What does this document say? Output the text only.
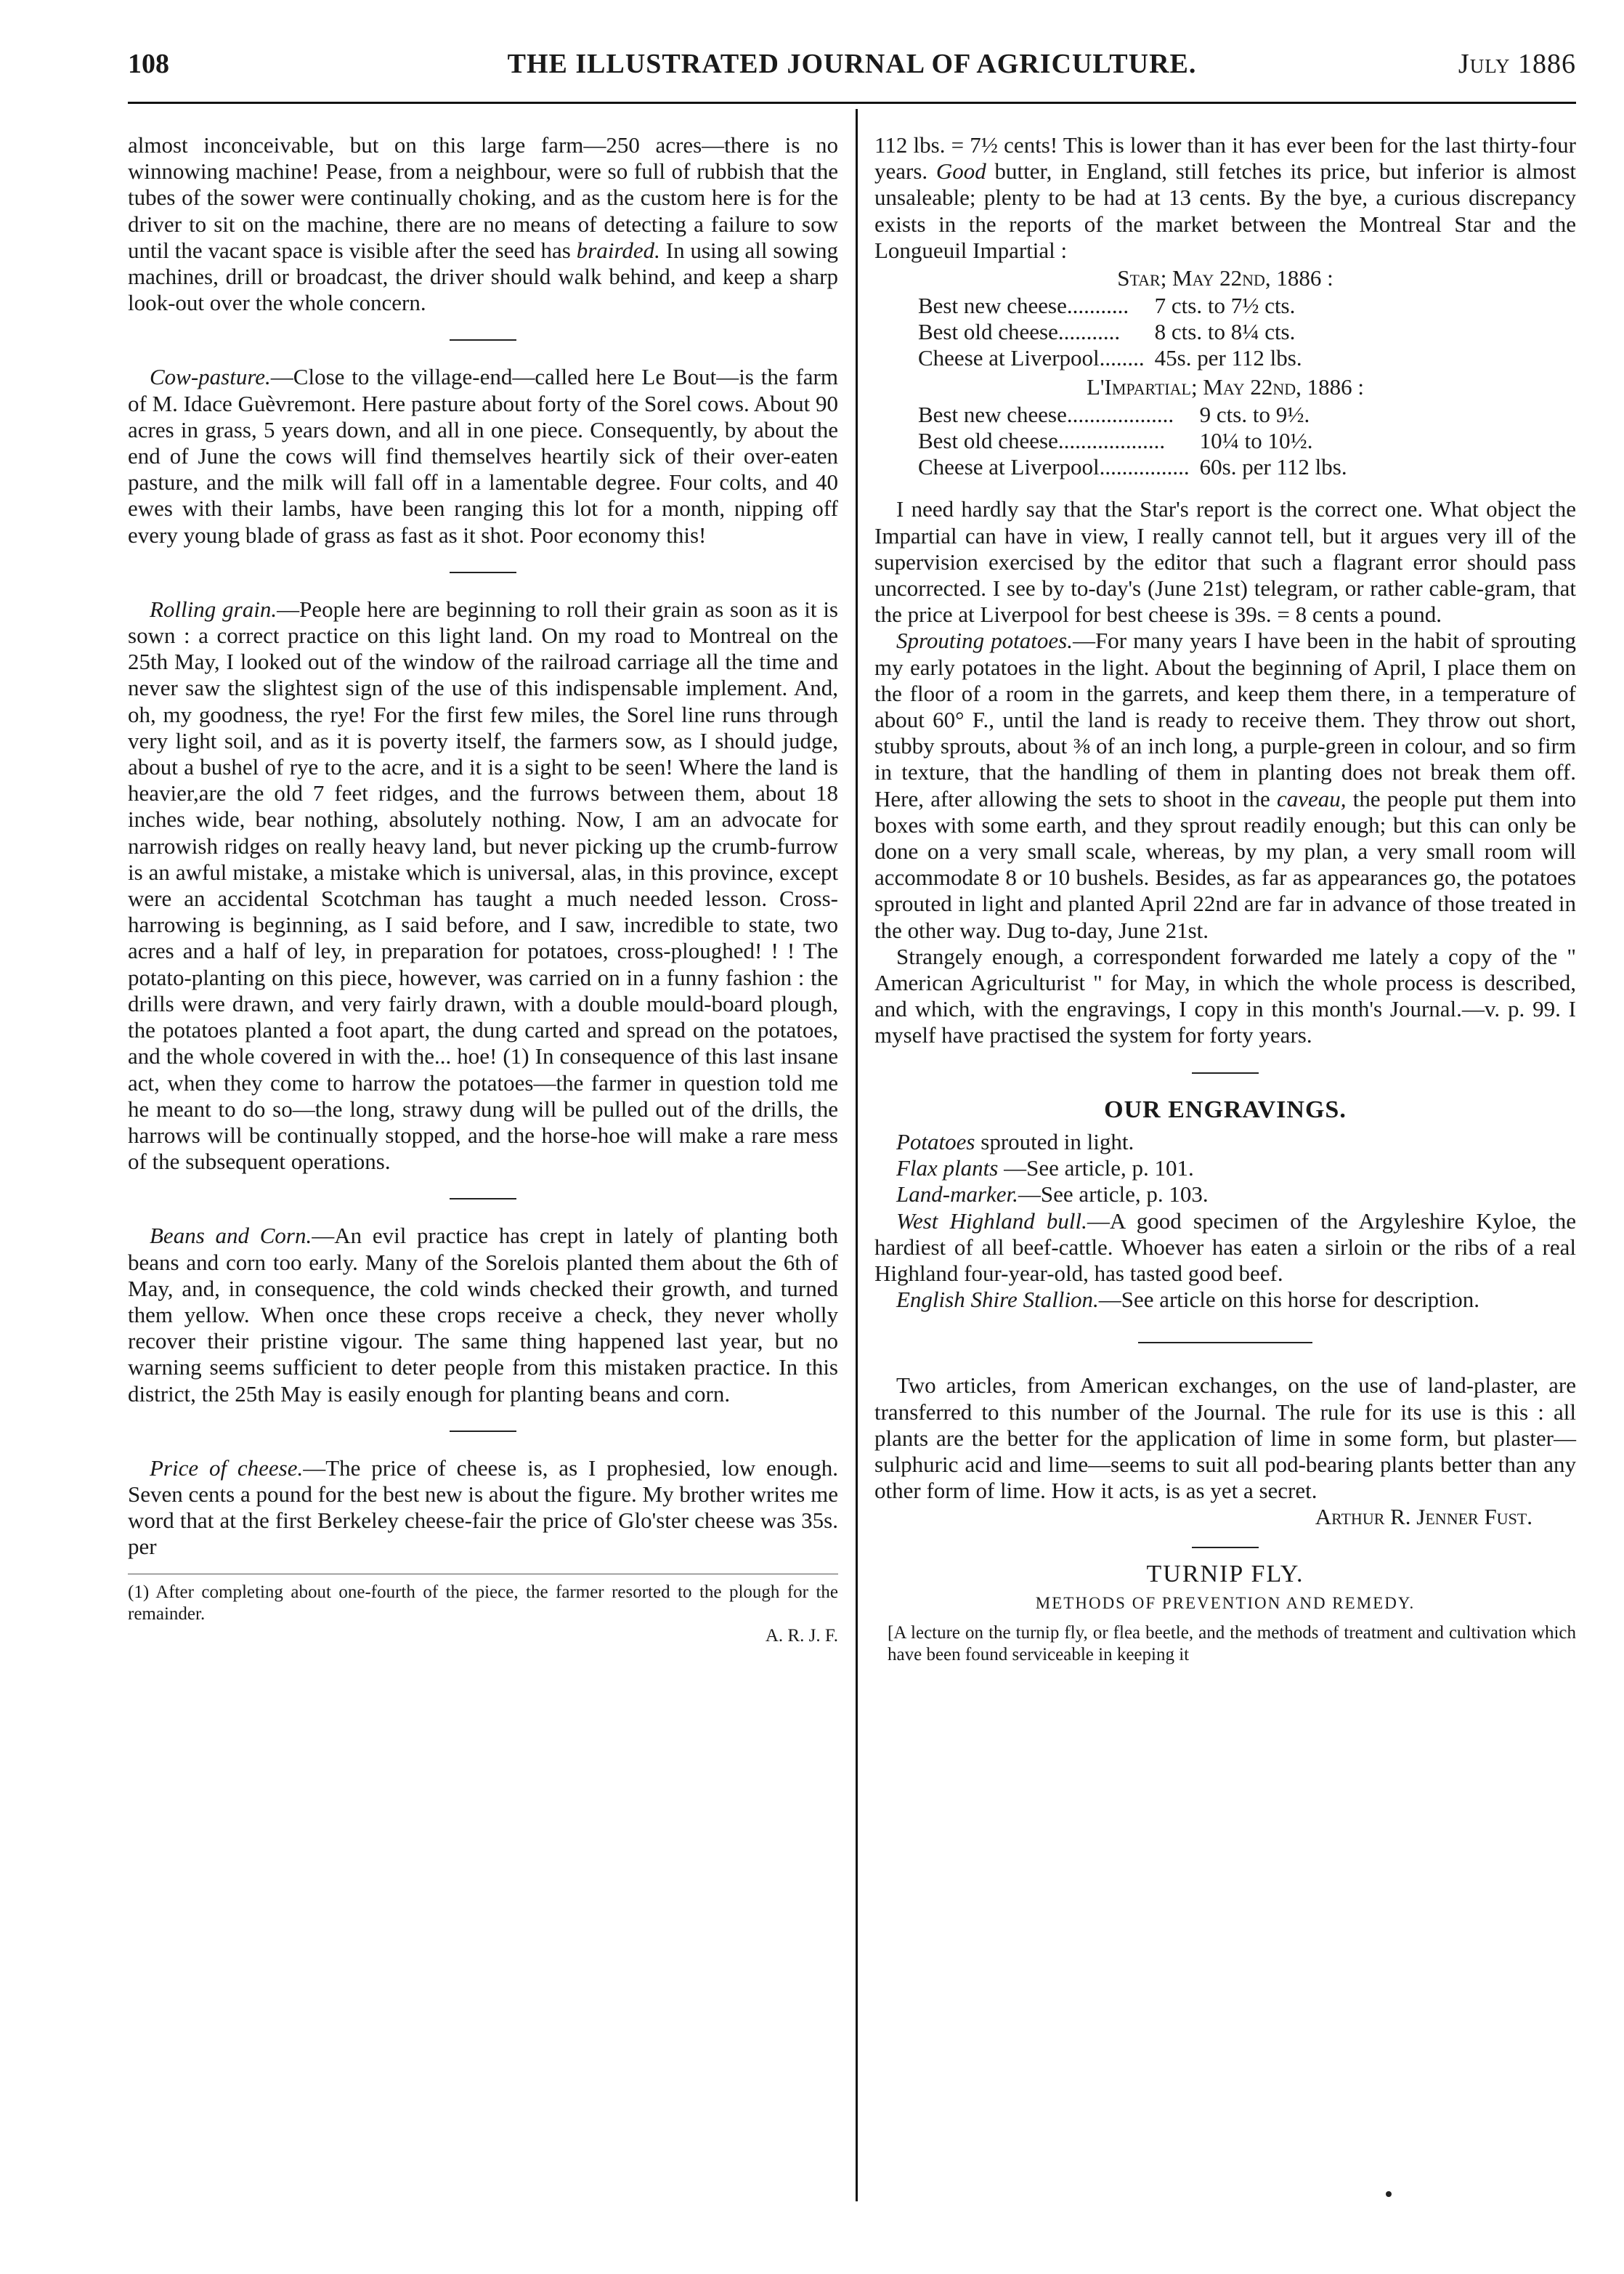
108	THE ILLUSTRATED JOURNAL OF AGRICULTURE.	July 1886

almost inconceivable, but on this large farm—250 acres—there is no winnowing machine! Pease, from a neighbour, were so full of rubbish that the tubes of the sower were continually choking, and as the custom here is for the driver to sit on the machine, there are no means of detecting a failure to sow until the vacant space is visible after the seed has brairded. In using all sowing machines, drill or broadcast, the driver should walk behind, and keep a sharp look-out over the whole concern.

Cow-pasture.—Close to the village-end—called here Le Bout—is the farm of M. Idace Guèvremont. Here pasture about forty of the Sorel cows. About 90 acres in grass, 5 years down, and all in one piece. Consequently, by about the end of June the cows will find themselves heartily sick of their over-eaten pasture, and the milk will fall off in a lamentable degree. Four colts, and 40 ewes with their lambs, have been ranging this lot for a month, nipping off every young blade of grass as fast as it shot. Poor economy this!

Rolling grain.—People here are beginning to roll their grain as soon as it is sown : a correct practice on this light land. On my road to Montreal on the 25th May, I looked out of the window of the railroad carriage all the time and never saw the slightest sign of the use of this indispensable implement. And, oh, my goodness, the rye! For the first few miles, the Sorel line runs through very light soil, and as it is poverty itself, the farmers sow, as I should judge, about a bushel of rye to the acre, and it is a sight to be seen! Where the land is heavier,are the old 7 feet ridges, and the furrows between them, about 18 inches wide, bear nothing, absolutely nothing. Now, I am an advocate for narrowish ridges on really heavy land, but never picking up the crumb-furrow is an awful mistake, a mistake which is universal, alas, in this province, except were an accidental Scotchman has taught a much needed lesson. Cross-harrowing is beginning, as I said before, and I saw, incredible to state, two acres and a half of ley, in preparation for potatoes, cross-ploughed! ! ! The potato-planting on this piece, however, was carried on in a funny fashion : the drills were drawn, and very fairly drawn, with a double mould-board plough, the potatoes planted a foot apart, the dung carted and spread on the potatoes, and the whole covered in with the... hoe! (1) In consequence of this last insane act, when they come to harrow the potatoes—the farmer in question told me he meant to do so—the long, strawy dung will be pulled out of the drills, the harrows will be continually stopped, and the horse-hoe will make a rare mess of the subsequent operations.

Beans and Corn.—An evil practice has crept in lately of planting both beans and corn too early. Many of the Sorelois planted them about the 6th of May, and, in consequence, the cold winds checked their growth, and turned them yellow. When once these crops receive a check, they never wholly recover their pristine vigour. The same thing happened last year, but no warning seems sufficient to deter people from this mistaken practice. In this district, the 25th May is easily enough for planting beans and corn.

Price of cheese.—The price of cheese is, as I prophesied, low enough. Seven cents a pound for the best new is about the figure. My brother writes me word that at the first Berkeley cheese-fair the price of Glo'ster cheese was 35s. per

(1) After completing about one-fourth of the piece, the farmer resorted to the plough for the remainder.
A. R. J. F.

112 lbs. = 7½ cents! This is lower than it has ever been for the last thirty-four years. Good butter, in England, still fetches its price, but inferior is almost unsaleable; plenty to be had at 13 cents. By the bye, a curious discrepancy exists in the reports of the market between the Montreal Star and the Longueuil Impartial :

Star; May 22nd, 1886 :
Best new cheese...........	7 cts. to 7½ cts.
Best old cheese...........	8 cts. to 8¼ cts.
Cheese at Liverpool........	45s. per 112 lbs.
L'Impartial; May 22nd, 1886 :
Best new cheese...................	9 cts. to 9½.
Best old cheese...................	10¼ to 10½.
Cheese at Liverpool................	60s. per 112 lbs.

I need hardly say that the Star's report is the correct one. What object the Impartial can have in view, I really cannot tell, but it argues very ill of the supervision exercised by the editor that such a flagrant error should pass uncorrected. I see by to-day's (June 21st) telegram, or rather cable-gram, that the price at Liverpool for best cheese is 39s. = 8 cents a pound.

Sprouting potatoes.—For many years I have been in the habit of sprouting my early potatoes in the light. About the beginning of April, I place them on the floor of a room in the garrets, and keep them there, in a temperature of about 60° F., until the land is ready to receive them. They throw out short, stubby sprouts, about ⅜ of an inch long, a purple-green in colour, and so firm in texture, that the handling of them in planting does not break them off. Here, after allowing the sets to shoot in the caveau, the people put them into boxes with some earth, and they sprout readily enough; but this can only be done on a very small scale, whereas, by my plan, a very small room will accommodate 8 or 10 bushels. Besides, as far as appearances go, the potatoes sprouted in light and planted April 22nd are far in advance of those treated in the other way. Dug to-day, June 21st.

Strangely enough, a correspondent forwarded me lately a copy of the " American Agriculturist " for May, in which the whole process is described, and which, with the engravings, I copy in this month's Journal.—v. p. 99. I myself have practised the system for forty years.

OUR ENGRAVINGS.

Potatoes sprouted in light.

Flax plants —See article, p. 101.

Land-marker.—See article, p. 103.

West Highland bull.—A good specimen of the Argyleshire Kyloe, the hardiest of all beef-cattle. Whoever has eaten a sirloin or the ribs of a real Highland four-year-old, has tasted good beef.

English Shire Stallion.—See article on this horse for description.

Two articles, from American exchanges, on the use of land-plaster, are transferred to this number of the Journal. The rule for its use is this : all plants are the better for the application of lime in some form, but plaster—sulphuric acid and lime—seems to suit all pod-bearing plants better than any other form of lime. How it acts, is as yet a secret.

Arthur R. Jenner Fust.
TURNIP FLY.
METHODS OF PREVENTION AND REMEDY.

[A lecture on the turnip fly, or flea beetle, and the methods of treatment and cultivation which have been found serviceable in keeping it
